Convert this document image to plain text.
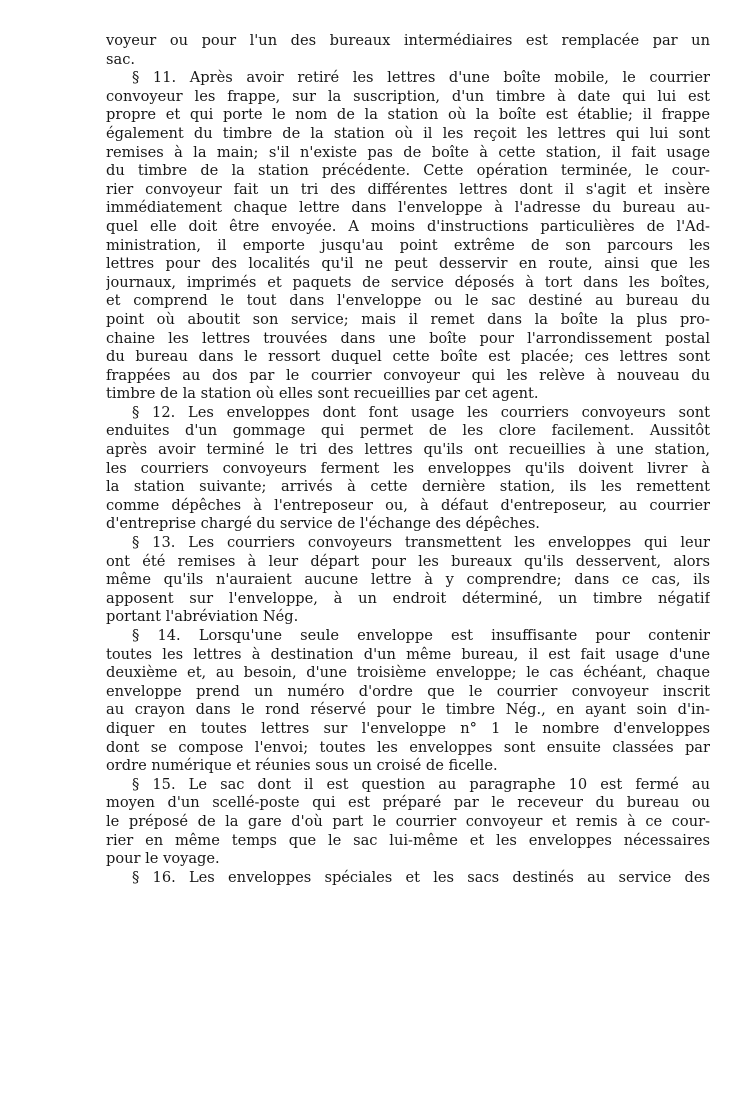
voyeur ou pour l'un des bureaux intermédiaires est remplacée par un
sac.
§ 11. Après avoir retiré les lettres d'une boîte mobile, le courrier
convoyeur les frappe, sur la suscription, d'un timbre à date qui lui est
propre et qui porte le nom de la station où la boîte est établie; il frappe
également du timbre de la station où il les reçoit les lettres qui lui sont
remises à la main; s'il n'existe pas de boîte à cette station, il fait usage
du timbre de la station précédente. Cette opération terminée, le cour-
rier convoyeur fait un tri des différentes lettres dont il s'agit et insère
immédiatement chaque lettre dans l'enveloppe à l'adresse du bureau au-
quel elle doit être envoyée. A moins d'instructions particulières de l'Ad-
ministration, il emporte jusqu'au point extrême de son parcours les
lettres pour des localités qu'il ne peut desservir en route, ainsi que les
journaux, imprimés et paquets de service déposés à tort dans les boîtes,
et comprend le tout dans l'enveloppe ou le sac destiné au bureau du
point où aboutit son service; mais il remet dans la boîte la plus pro-
chaine les lettres trouvées dans une boîte pour l'arrondissement postal
du bureau dans le ressort duquel cette boîte est placée; ces lettres sont
frappées au dos par le courrier convoyeur qui les relève à nouveau du
timbre de la station où elles sont recueillies par cet agent.
§ 12. Les enveloppes dont font usage les courriers convoyeurs sont
enduites d'un gommage qui permet de les clore facilement. Aussitôt
après avoir terminé le tri des lettres qu'ils ont recueillies à une station,
les courriers convoyeurs ferment les enveloppes qu'ils doivent livrer à
la station suivante; arrivés à cette dernière station, ils les remettent
comme dépêches à l'entreposeur ou, à défaut d'entreposeur, au courrier
d'entreprise chargé du service de l'échange des dépêches.
§ 13. Les courriers convoyeurs transmettent les enveloppes qui leur
ont été remises à leur départ pour les bureaux qu'ils desservent, alors
même qu'ils n'auraient aucune lettre à y comprendre; dans ce cas, ils
apposent sur l'enveloppe, à un endroit déterminé, un timbre négatif
portant l'abréviation Nég.
§ 14. Lorsqu'une seule enveloppe est insuffisante pour contenir
toutes les lettres à destination d'un même bureau, il est fait usage d'une
deuxième et, au besoin, d'une troisième enveloppe; le cas échéant, chaque
enveloppe prend un numéro d'ordre que le courrier convoyeur inscrit
au crayon dans le rond réservé pour le timbre Nég., en ayant soin d'in-
diquer en toutes lettres sur l'enveloppe n° 1 le nombre d'enveloppes
dont se compose l'envoi; toutes les enveloppes sont ensuite classées par
ordre numérique et réunies sous un croisé de ficelle.
§ 15. Le sac dont il est question au paragraphe 10 est fermé au
moyen d'un scellé-poste qui est préparé par le receveur du bureau ou
le préposé de la gare d'où part le courrier convoyeur et remis à ce cour-
rier en même temps que le sac lui-même et les enveloppes nécessaires
pour le voyage.
§ 16. Les enveloppes spéciales et les sacs destinés au service des
